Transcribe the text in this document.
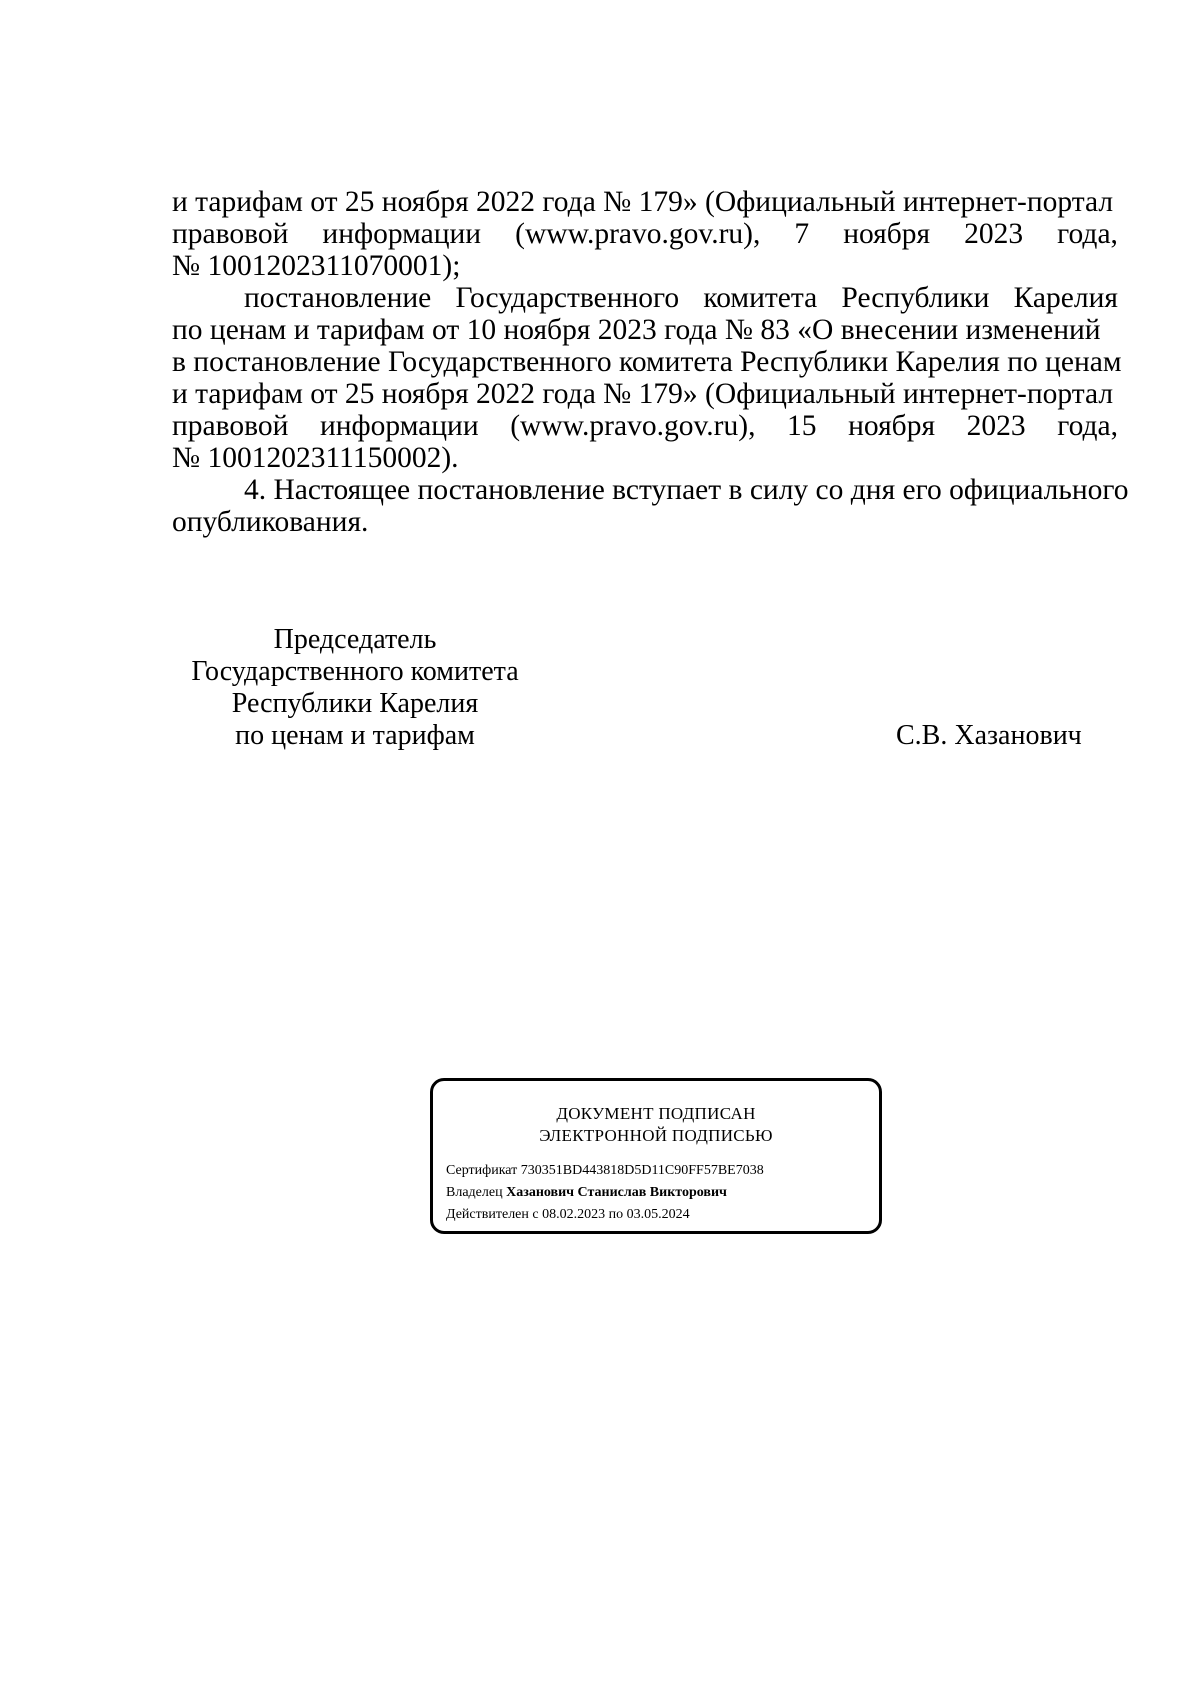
и тарифам от 25 ноября 2022 года № 179» (Официальный интернет-портал
правовой информации (www.pravo.gov.ru), 7 ноября 2023 года,
№ 1001202311070001);
постановление Государственного комитета Республики Карелия
по ценам и тарифам от 10 ноября 2023 года № 83 «О внесении изменений
в постановление Государственного комитета Республики Карелия по ценам
и тарифам от 25 ноября 2022 года № 179» (Официальный интернет-портал
правовой информации (www.pravo.gov.ru), 15 ноября 2023 года,
№ 1001202311150002).
4. Настоящее постановление вступает в силу со дня его официального
опубликования.
Председатель
Государственного комитета
Республики Карелия
по ценам и тарифам	С.В. Хазанович
ДОКУМЕНТ ПОДПИСАН
ЭЛЕКТРОННОЙ ПОДПИСЬЮ
Сертификат 730351BD443818D5D11C90FF57BE7038
Владелец Хазанович Станислав Викторович
Действителен с 08.02.2023 по 03.05.2024
